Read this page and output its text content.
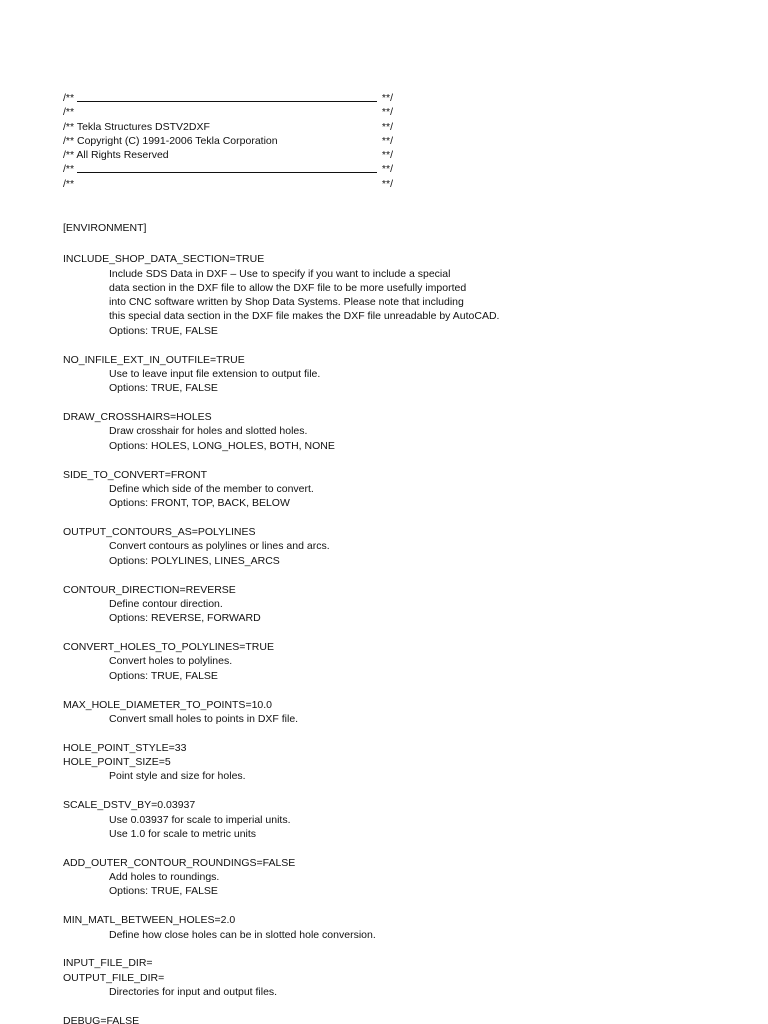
/**	**/
/**	**/
/** Tekla Structures DSTV2DXF	**/
/** Copyright (C) 1991-2006 Tekla Corporation	**/
/** All Rights Reserved	**/
/**	**/
/**	**/
[ENVIRONMENT]
INCLUDE_SHOP_DATA_SECTION=TRUE
Include SDS Data in DXF – Use to specify if you want to include a special
data section in the DXF file to allow the DXF file to be more usefully imported
into CNC software written by Shop Data Systems. Please note that including
this special data section in the DXF file makes the DXF file unreadable by AutoCAD.
Options: TRUE, FALSE
NO_INFILE_EXT_IN_OUTFILE=TRUE
Use to leave input file extension to output file.
Options: TRUE, FALSE
DRAW_CROSSHAIRS=HOLES
Draw crosshair for holes and slotted holes.
Options: HOLES, LONG_HOLES, BOTH, NONE
SIDE_TO_CONVERT=FRONT
Define which side of the member to convert.
Options: FRONT, TOP, BACK, BELOW
OUTPUT_CONTOURS_AS=POLYLINES
Convert contours as polylines or lines and arcs.
Options: POLYLINES, LINES_ARCS
CONTOUR_DIRECTION=REVERSE
Define contour direction.
Options: REVERSE, FORWARD
CONVERT_HOLES_TO_POLYLINES=TRUE
Convert holes to polylines.
Options: TRUE, FALSE
MAX_HOLE_DIAMETER_TO_POINTS=10.0
Convert small holes to points in DXF file.
HOLE_POINT_STYLE=33
HOLE_POINT_SIZE=5
Point style and size for holes.
SCALE_DSTV_BY=0.03937
Use 0.03937 for scale to imperial units.
Use 1.0 for scale to metric units
ADD_OUTER_CONTOUR_ROUNDINGS=FALSE
Add holes to roundings.
Options: TRUE, FALSE
MIN_MATL_BETWEEN_HOLES=2.0
Define how close holes can be in slotted hole conversion.
INPUT_FILE_DIR=
OUTPUT_FILE_DIR=
Directories for input and output files.
DEBUG=FALSE
